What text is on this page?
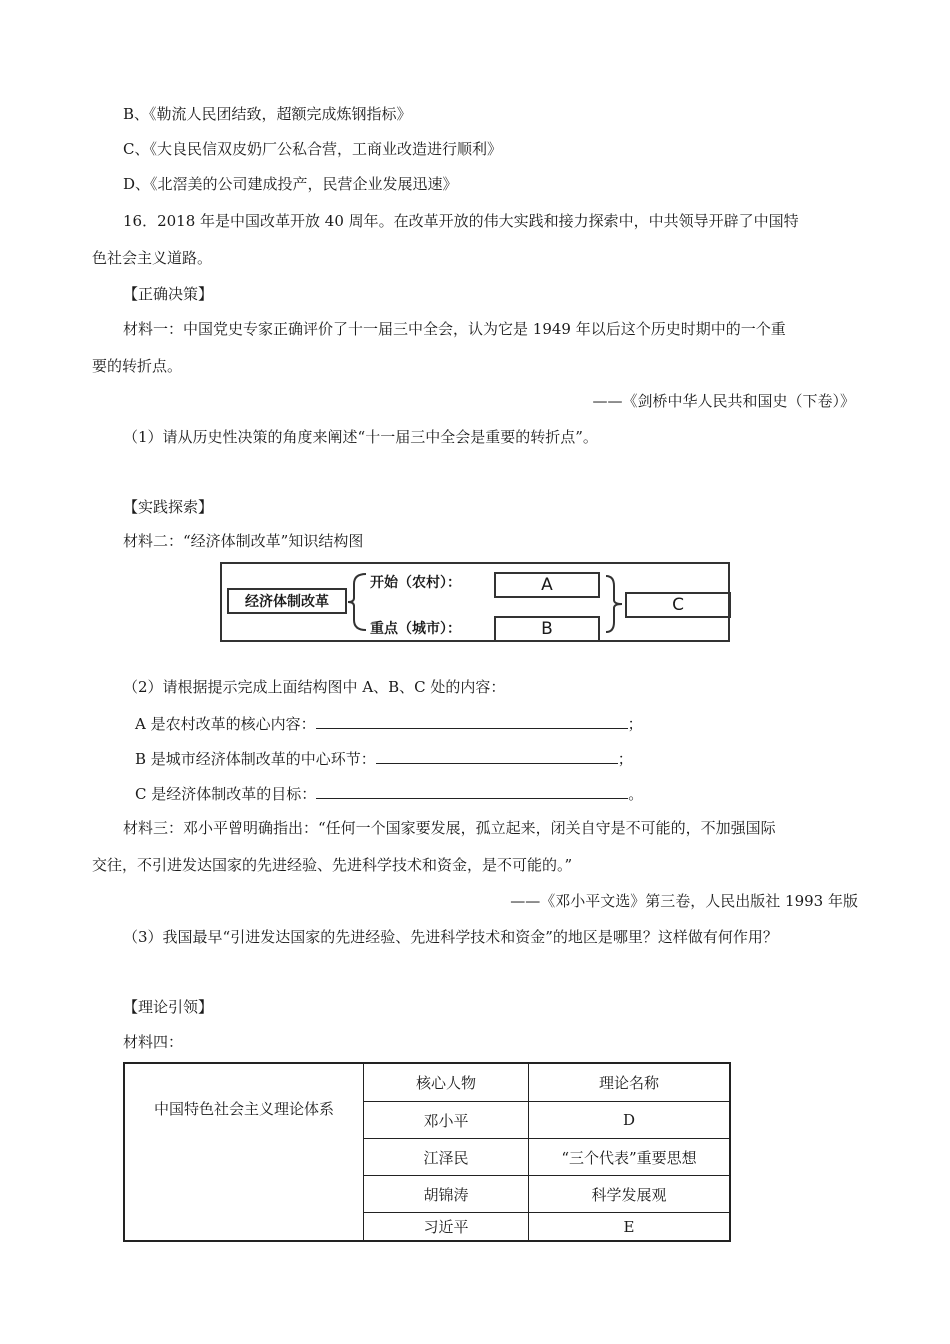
B、《勒流人民团结致，超额完成炼钢指标》
C、《大良民信双皮奶厂公私合营，工商业改造进行顺利》
D、《北滘美的公司建成投产，民营企业发展迅速》
16．2018 年是中国改革开放 40 周年。在改革开放的伟大实践和接力探索中，中共领导开辟了中国特
色社会主义道路。
【正确决策】
材料一：中国党史专家正确评价了十一届三中全会，认为它是 1949 年以后这个历史时期中的一个重
要的转折点。
——《剑桥中华人民共和国史（下卷）》
（1）请从历史性决策的角度来阐述“十一届三中全会是重要的转折点”。
【实践探索】
材料二：“经济体制改革”知识结构图
经济体制改革
开始（农村）：
重点（城市）：
A
B
C
（2）请根据提示完成上面结构图中 A、B、C 处的内容：
A 是农村改革的核心内容：	；
B 是城市经济体制改革的中心环节：	；
C 是经济体制改革的目标：	。
材料三：邓小平曾明确指出：“任何一个国家要发展，孤立起来，闭关自守是不可能的，不加强国际
交往，不引进发达国家的先进经验、先进科学技术和资金，是不可能的。”
——《邓小平文选》第三卷，人民出版社 1993 年版
（3）我国最早“引进发达国家的先进经验、先进科学技术和资金”的地区是哪里？这样做有何作用？
【理论引领】
材料四：
中国特色社会主义理论体系
核心人物	理论名称
邓小平	D
江泽民	“三个代表”重要思想
胡锦涛	科学发展观
习近平	E
